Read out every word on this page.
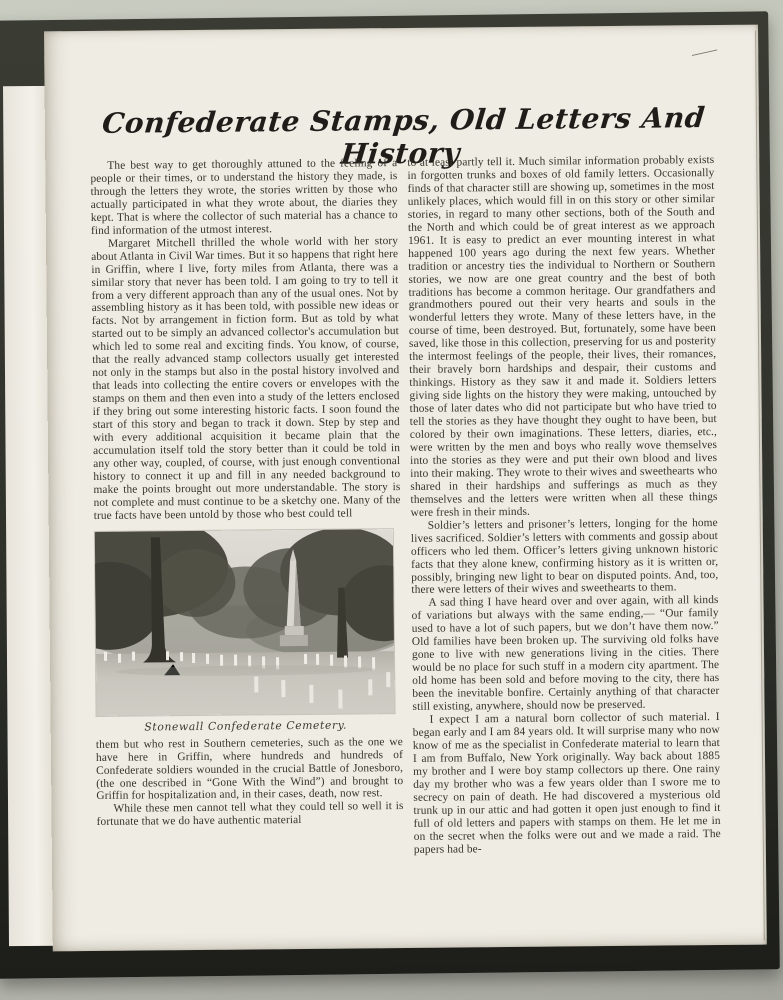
Confederate Stamps, Old Letters And History

The best way to get thoroughly attuned to the feeling of a people or their times, or to understand the history they made, is through the letters they wrote, the stories written by those who actually participated in what they wrote about, the diaries they kept. That is where the collector of such material has a chance to find information of the utmost interest.

Margaret Mitchell thrilled the whole world with her story about Atlanta in Civil War times. But it so happens that right here in Griffin, where I live, forty miles from Atlanta, there was a similar story that never has been told. I am going to try to tell it from a very different approach than any of the usual ones. Not by assembling history as it has been told, with possible new ideas or facts. Not by arrangement in fiction form. But as told by what started out to be simply an advanced collector's accumulation but which led to some real and exciting finds. You know, of course, that the really advanced stamp collectors usually get interested not only in the stamps but also in the postal history involved and that leads into collecting the entire covers or envelopes with the stamps on them and then even into a study of the letters enclosed if they bring out some interesting historic facts. I soon found the start of this story and began to track it down. Step by step and with every additional acquisition it became plain that the accumulation itself told the story better than it could be told in any other way, coupled, of course, with just enough conventional history to connect it up and fill in any needed background to make the points brought out more understandable. The story is not complete and must continue to be a sketchy one. Many of the true facts have been untold by those who best could tell

Stonewall Confederate Cemetery.

them but who rest in Southern cemeteries, such as the one we have here in Griffin, where hundreds and hundreds of Confederate soldiers wounded in the crucial Battle of Jonesboro, (the one described in “Gone With the Wind”) and brought to Griffin for hospitalization and, in their cases, death, now rest.

While these men cannot tell what they could tell so well it is fortunate that we do have authentic material

to at least partly tell it. Much similar information probably exists in forgotten trunks and boxes of old family letters. Occasionally finds of that character still are showing up, sometimes in the most unlikely places, which would fill in on this story or other similar stories, in regard to many other sections, both of the South and the North and which could be of great interest as we approach 1961. It is easy to predict an ever mounting interest in what happened 100 years ago during the next few years. Whether tradition or ancestry ties the individual to Northern or Southern stories, we now are one great country and the best of both traditions has become a common heritage. Our grandfathers and grandmothers poured out their very hearts and souls in the wonderful letters they wrote. Many of these letters have, in the course of time, been destroyed. But, fortunately, some have been saved, like those in this collection, preserving for us and posterity the intermost feelings of the people, their lives, their romances, their bravely born hardships and despair, their customs and thinkings. History as they saw it and made it. Soldiers letters giving side lights on the history they were making, untouched by those of later dates who did not participate but who have tried to tell the stories as they have thought they ought to have been, but colored by their own imaginations. These letters, diaries, etc., were written by the men and boys who really wove themselves into the stories as they were and put their own blood and lives into their making. They wrote to their wives and sweethearts who shared in their hardships and sufferings as much as they themselves and the letters were written when all these things were fresh in their minds.

Soldier’s letters and prisoner’s letters, longing for the home lives sacrificed. Soldier’s letters with comments and gossip about officers who led them. Officer’s letters giving unknown historic facts that they alone knew, confirming history as it is written or, possibly, bringing new light to bear on disputed points. And, too, there were letters of their wives and sweethearts to them.

A sad thing I have heard over and over again, with all kinds of variations but always with the same ending,— “Our family used to have a lot of such papers, but we don’t have them now.” Old families have been broken up. The surviving old folks have gone to live with new generations living in the cities. There would be no place for such stuff in a modern city apartment. The old home has been sold and before moving to the city, there has been the inevitable bonfire. Certainly anything of that character still existing, anywhere, should now be preserved.

I expect I am a natural born collector of such material. I began early and I am 84 years old. It will surprise many who now know of me as the specialist in Confederate material to learn that I am from Buffalo, New York originally. Way back about 1885 my brother and I were boy stamp collectors up there. One rainy day my brother who was a few years older than I swore me to secrecy on pain of death. He had discovered a mysterious old trunk up in our attic and had gotten it open just enough to find it full of old letters and papers with stamps on them. He let me in on the secret when the folks were out and we made a raid. The papers had be-
